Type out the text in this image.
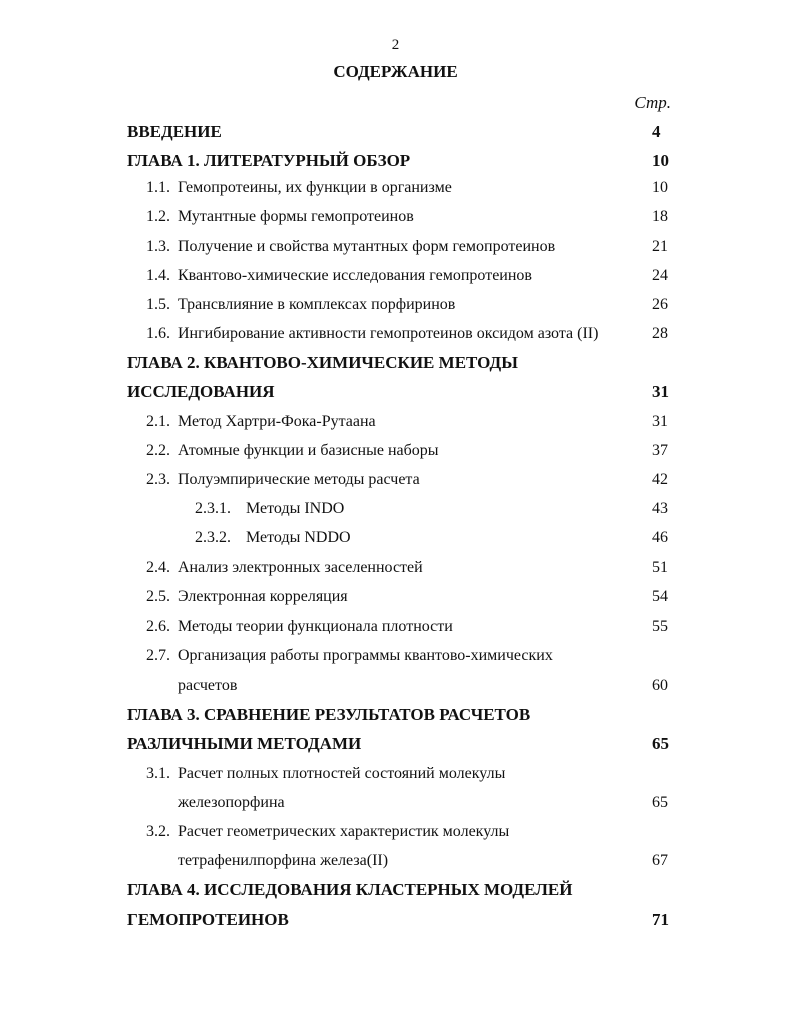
2
СОДЕРЖАНИЕ
Стр.
ВВЕДЕНИЕ	4
ГЛАВА 1. ЛИТЕРАТУРНЫЙ ОБЗОР	10
1.1. Гемопротеины, их функции в организме	10
1.2. Мутантные формы гемопротеинов	18
1.3. Получение и свойства мутантных форм гемопротеинов	21
1.4. Квантово-химические исследования гемопротеинов	24
1.5. Трансвлияние в комплексах порфиринов	26
1.6. Ингибирование активности гемопротеинов оксидом азота (II)	28
ГЛАВА 2. КВАНТОВО-ХИМИЧЕСКИЕ МЕТОДЫ
ИССЛЕДОВАНИЯ	31
2.1. Метод Хартри-Фока-Рутаана	31
2.2. Атомные функции и базисные наборы	37
2.3. Полуэмпирические методы расчета	42
2.3.1. Методы INDO	43
2.3.2. Методы NDDO	46
2.4. Анализ электронных заселенностей	51
2.5. Электронная корреляция	54
2.6. Методы теории функционала плотности	55
2.7. Организация работы программы квантово-химических
расчетов	60
ГЛАВА 3. СРАВНЕНИЕ РЕЗУЛЬТАТОВ РАСЧЕТОВ
РАЗЛИЧНЫМИ МЕТОДАМИ	65
3.1. Расчет полных плотностей состояний молекулы
железопорфина	65
3.2. Расчет геометрических характеристик молекулы
тетрафенилпорфина железа(II)	67
ГЛАВА 4. ИССЛЕДОВАНИЯ КЛАСТЕРНЫХ МОДЕЛЕЙ
ГЕМОПРОТЕИНОВ	71
